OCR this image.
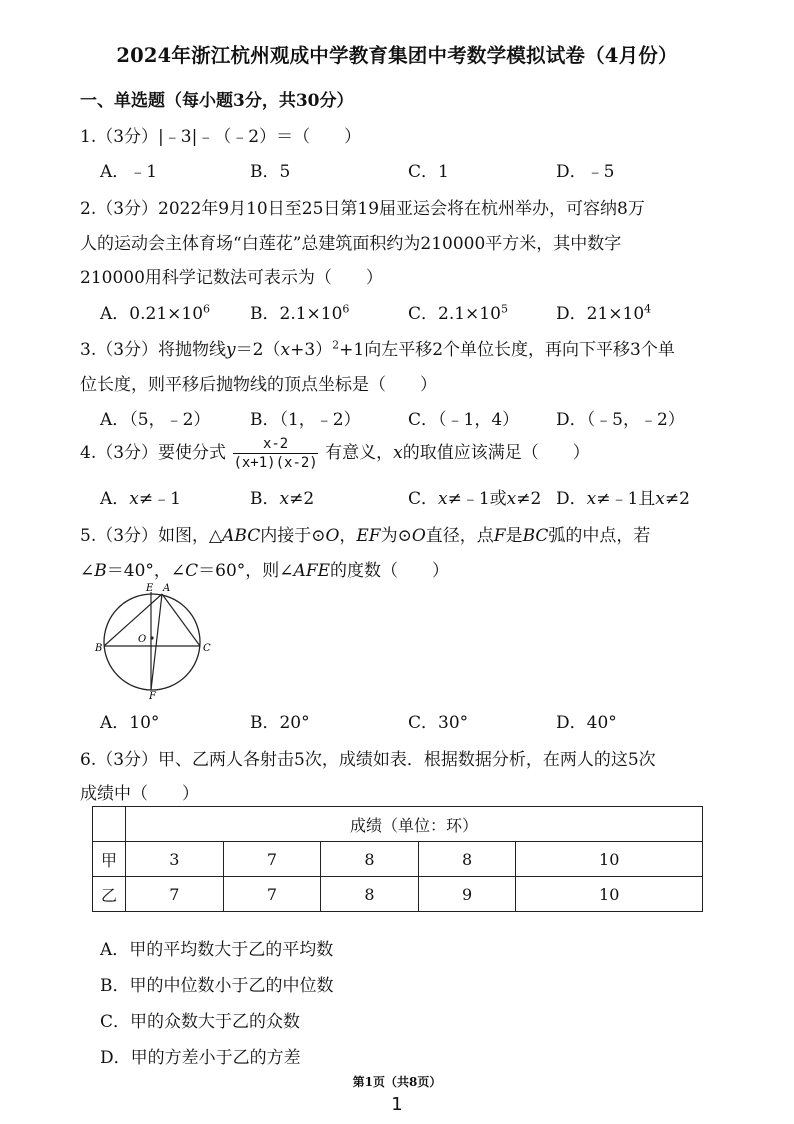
2024年浙江杭州观成中学教育集团中考数学模拟试卷（4月份）
一、单选题（每小题3分，共30分）
1.（3分）|﹣3|﹣（﹣2）＝（　　）
A．﹣1	B．5	C．1	D．﹣5
2.（3分）2022年9月10日至25日第19届亚运会将在杭州举办，可容纳8万
人的运动会主体育场“白莲花”总建筑面积约为210000平方米，其中数字
210000用科学记数法可表示为（　　）
A．$0.21\times 10^6$ B．$2.1\times 10^6$	C．$2.1\times 10^5$	D．$21\times 10^4$
3.（3分）将抛物线$y=2(x+3)^2+1$向左平移2个单位长度，再向下平移3个单
位长度，则平移后抛物线的顶点坐标是（　　）
A．（5，﹣2） B．（1，﹣2）	C．（﹣1，4） D．（﹣5，﹣2）
4.（3分）要使分式 $\frac{x-2}{(x+1)(x-2)}$ 有意义，x的取值应该满足（　　）
A．x≠﹣1	B．x≠2	C．x≠﹣1或x≠2 D．x≠﹣1且x≠2
5.（3分）如图，△ABC内接于⊙O，EF为⊙O直径，点F是BC弧的中点，若
∠B＝40°，∠C＝60°，则∠AFE的度数（　　）
E A
O
B	C
F
A．10°	B．20°	C．30°	D．40°
6.（3分）甲、乙两人各射击5次，成绩如表．根据数据分析，在两人的这5次
成绩中（　　）
	成绩（单位：环）				
甲	3	7	8	8	10
乙	7	7	8	9	10
A．甲的平均数大于乙的平均数
B．甲的中位数小于乙的中位数
C．甲的众数大于乙的众数
D．甲的方差小于乙的方差
第1页（共8页）
1
